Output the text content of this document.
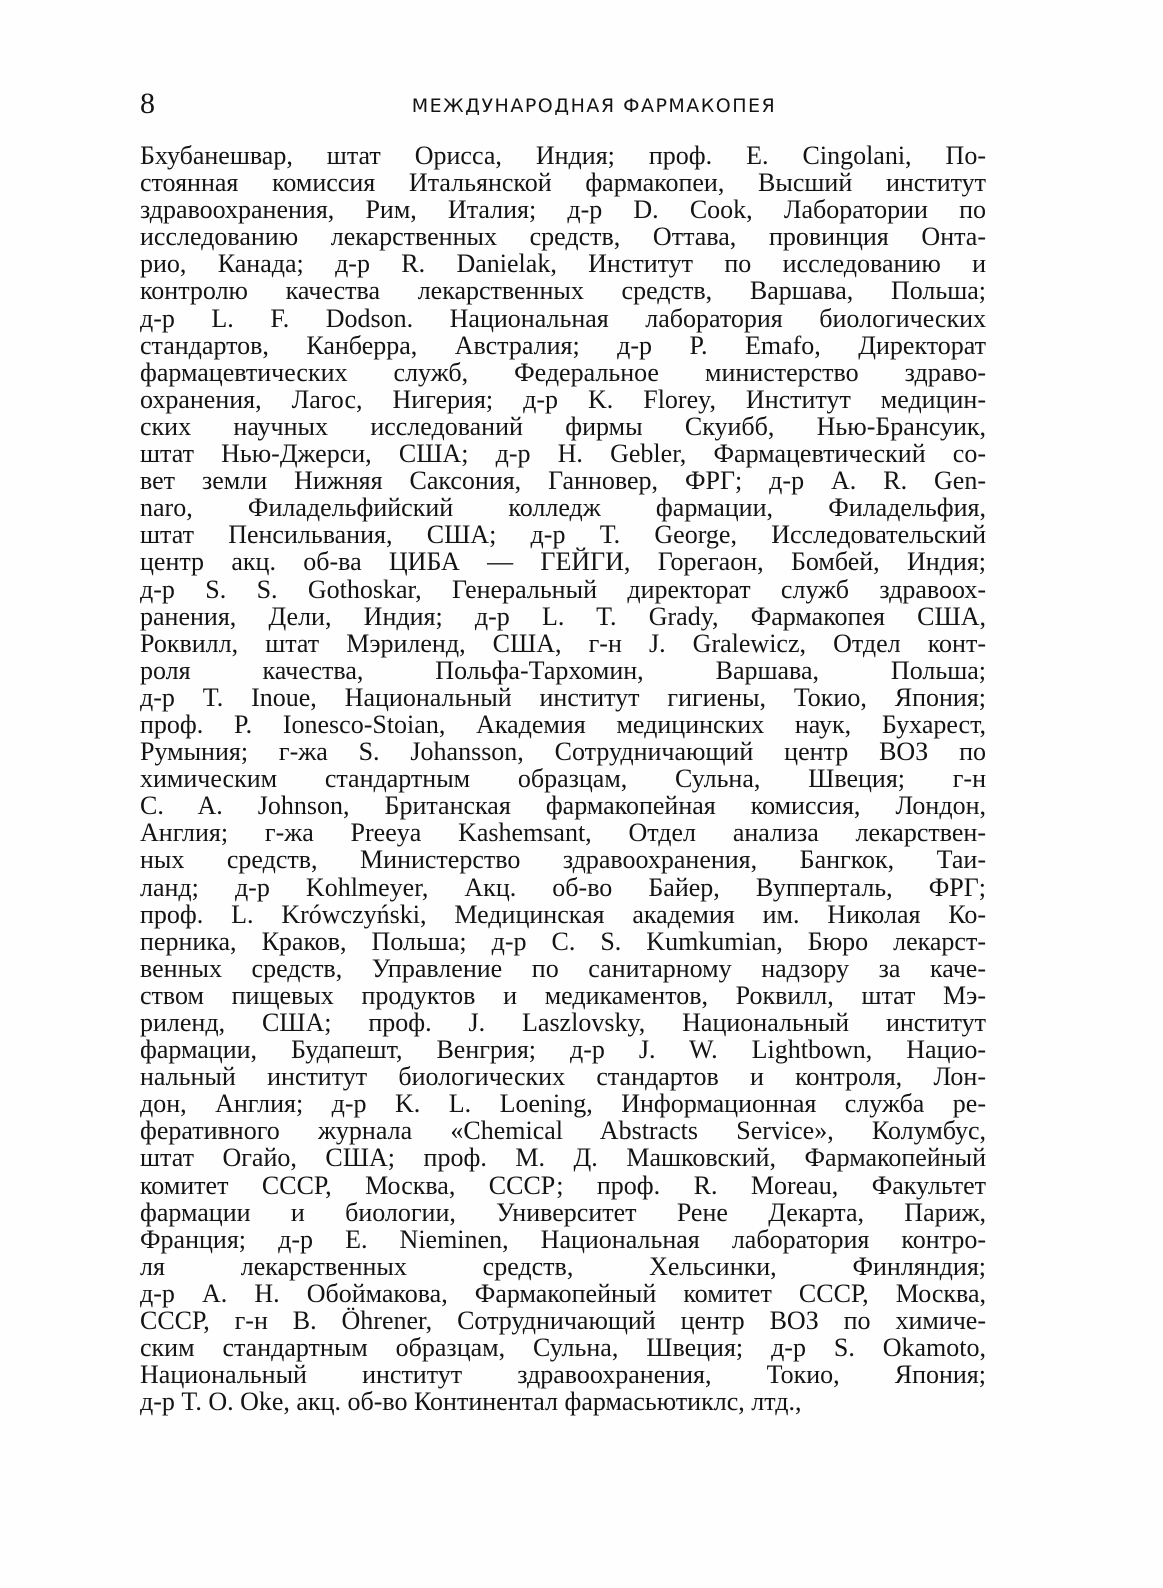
8	МЕЖДУНАРОДНАЯ ФАРМАКОПЕЯ
Бхубанешвар, штат Орисса, Индия; проф. E. Cingolani, По-
стоянная комиссия Итальянской фармакопеи, Высший институт
здравоохранения, Рим, Италия; д-р D. Cook, Лаборатории по
исследованию лекарственных средств, Оттава, провинция Онта-
рио, Канада; д-р R. Danielak, Институт по исследованию и
контролю качества лекарственных средств, Варшава, Польша;
д-р L. F. Dodson. Национальная лаборатория биологических
стандартов, Канберра, Австралия; д-р P. Emafo, Директорат
фармацевтических служб, Федеральное министерство здраво-
охранения, Лагос, Нигерия; д-р K. Florey, Институт медицин-
ских научных исследований фирмы Скуибб, Нью-Брансуик,
штат Нью-Джерси, США; д-р H. Gebler, Фармацевтический со-
вет земли Нижняя Саксония, Ганновер, ФРГ; д-р A. R. Gen-
naro, Филадельфийский колледж фармации, Филадельфия,
штат Пенсильвания, США; д-р T. George, Исследовательский
центр акц. об-ва ЦИБА — ГЕЙГИ, Горегаон, Бомбей, Индия;
д-р S. S. Gothoskar, Генеральный директорат служб здравоох-
ранения, Дели, Индия; д-р L. T. Grady, Фармакопея США,
Роквилл, штат Мэриленд, США, г-н J. Gralewicz, Отдел конт-
роля качества, Польфа-Тархомин, Варшава, Польша;
д-р T. Inoue, Национальный институт гигиены, Токио, Япония;
проф. P. Ionesco-Stoian, Академия медицинских наук, Бухарест,
Румыния; г-жа S. Johansson, Сотрудничающий центр ВОЗ по
химическим стандартным образцам, Сульна, Швеция; г-н
C. A. Johnson, Британская фармакопейная комиссия, Лондон,
Англия; г-жа Preeya Kashemsant, Отдел анализа лекарствен-
ных средств, Министерство здравоохранения, Бангкок, Таи-
ланд; д-р Kohlmeyer, Акц. об-во Байер, Вупперталь, ФРГ;
проф. L. Krówczyński, Медицинская академия им. Николая Ко-
перника, Краков, Польша; д-р C. S. Kumkumian, Бюро лекарст-
венных средств, Управление по санитарному надзору за каче-
ством пищевых продуктов и медикаментов, Роквилл, штат Мэ-
риленд, США; проф. J. Laszlovsky, Национальный институт
фармации, Будапешт, Венгрия; д-р J. W. Lightbown, Нацио-
нальный институт биологических стандартов и контроля, Лон-
дон, Англия; д-р K. L. Loening, Информационная служба ре-
феративного журнала «Chemical Abstracts Service», Колумбус,
штат Огайо, США; проф. М. Д. Машковский, Фармакопейный
комитет СССР, Москва, СССР; проф. R. Moreau, Факультет
фармации и биологии, Университет Рене Декарта, Париж,
Франция; д-р E. Nieminen, Национальная лаборатория контро-
ля лекарственных средств, Хельсинки, Финляндия;
д-р А. Н. Обоймакова, Фармакопейный комитет СССР, Москва,
СССР, г-н B. Öhrener, Сотрудничающий центр ВОЗ по химиче-
ским стандартным образцам, Сульна, Швеция; д-р S. Okamoto,
Национальный институт здравоохранения, Токио, Япония;
д-р T. O. Oke, акц. об-во Континентал фармасьютиклс, лтд.,
